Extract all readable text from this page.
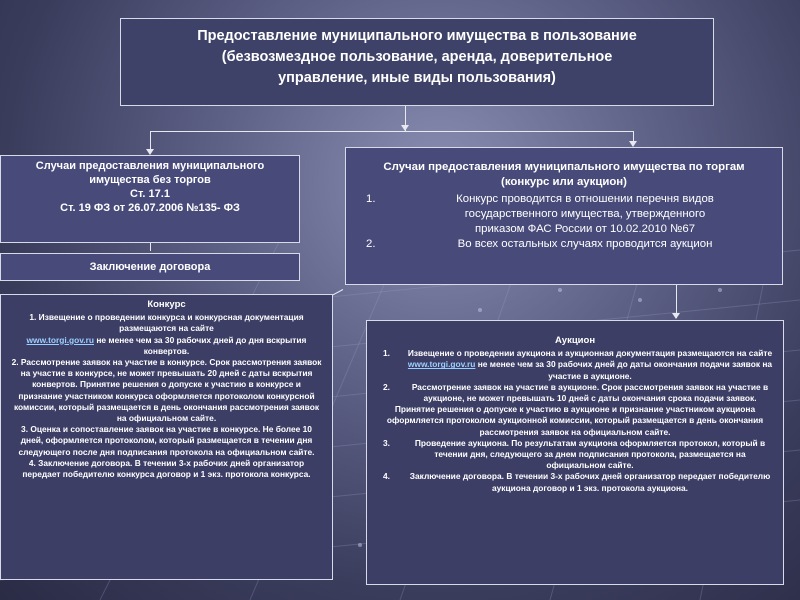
Предоставление муниципального имущества в пользование
(безвозмездное пользование, аренда, доверительное
управление, иные виды пользования)
Случаи предоставления муниципального
имущества без торгов
Ст. 17.1
Ст. 19 ФЗ от 26.07.2006 №135- ФЗ
Заключение договора
Случаи предоставления муниципального имущества по торгам
(конкурс или аукцион)
1.	Конкурс проводится в отношении перечня видов
государственного имущества, утвержденного
приказом ФАС России от 10.02.2010 №67
2.	Во всех остальных случаях проводится аукцион
Конкурс
1. Извещение о проведении конкурса и конкурсная документация размещаются на сайте
www.torgi.gov.ru не менее чем за 30 рабочих дней до дня вскрытия конвертов.
2. Рассмотрение заявок на участие в конкурсе. Срок рассмотрения заявок на участие в конкурсе, не может превышать 20 дней с даты вскрытия конвертов. Принятие решения о допуске к участию в конкурсе и признание участником конкурса оформляется протоколом конкурсной комиссии, который размещается в день окончания рассмотрения заявок на официальном сайте.
3. Оценка и сопоставление заявок на участие в конкурсе. Не более 10 дней, оформляется протоколом, который размещается в течении дня следующего после дня подписания протокола на официальном сайте.
4. Заключение договора. В течении 3-х рабочих дней организатор передает победителю конкурса договор и 1 экз. протокола конкурса.
Аукцион
1.	Извещение о проведении аукциона и аукционная документация размещаются на сайте www.torgi.gov.ru не менее чем за 30 рабочих дней до даты окончания подачи заявок на участие в аукционе.
2.	Рассмотрение заявок на участие в аукционе. Срок рассмотрения заявок на участие в аукционе, не может превышать 10 дней с даты окончания срока подачи заявок.
Принятие решения о допуске к участию в аукционе и признание участником аукциона оформляется протоколом аукционной комиссии, который размещается в день окончания рассмотрения заявок на официальном сайте.
3.	Проведение аукциона. По результатам аукциона оформляется протокол, который в течении дня, следующего за днем подписания протокола, размещается на официальном сайте.
4.	Заключение договора. В течении 3-х рабочих дней организатор передает победителю аукциона договор и 1 экз. протокола аукциона.
